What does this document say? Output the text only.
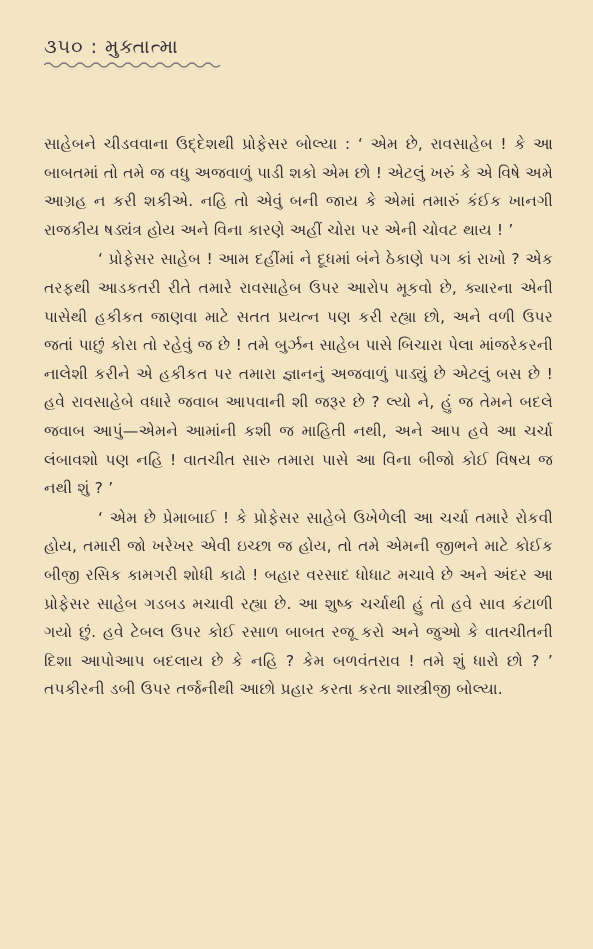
૩૫૦ : મુક્તાત્મા

સાહેબને ચીડવવાના ઉદ્દેશથી પ્રોફેસર બોલ્યા : ‘ એમ છે, રાવસાહેબ ! કે આ બાબતમાં તો તમે જ વધુ અજવાળું પાડી શકો એમ છો ! એટલું ખરું કે એ વિષે અમે આગ્રહ ન કરી શકીએ. નહિ તો એવું બની જાય કે એમાં તમારું કંઈક ખાનગી રાજકીય ષડ્યંત્ર હોય અને વિના કારણે અહીં ચોરા પર એની ચોવટ થાય ! ’

‘ પ્રોફેસર સાહેબ ! આમ દહીંમાં ને દૂધમાં બંને ઠેકાણે પગ કાં રાખો ? એક તરફથી આડકતરી રીતે તમારે રાવસાહેબ ઉપર આરોપ મૂકવો છે, ક્યારના એની પાસેથી હકીકત જાણવા માટે સતત પ્રયત્ન પણ કરી રહ્યા છો, અને વળી ઉપર જતાં પાછું કોરા તો રહેવું જ છે ! તમે બુર્ઝન સાહેબ પાસે બિચારા પેલા માંજરેકરની નાલેશી કરીને એ હકીકત પર તમારા જ્ઞાનનું અજવાળું પાડ્યું છે એટલું બસ છે ! હવે રાવસાહેબે વધારે જવાબ આપવાની શી જરૂર છે ? લ્યો ને, હું જ તેમને બદલે જવાબ આપું—એમને આમાંની કશી જ માહિતી નથી, અને આપ હવે આ ચર્ચા લંબાવશો પણ નહિ ! વાતચીત સારુ તમારા પાસે આ વિના બીજો કોઈ વિષય જ નથી શું ? ’

‘ એમ છે પ્રેમાબાઈ ! કે પ્રોફેસર સાહેબે ઉખેળેલી આ ચર્ચા તમારે રોકવી હોય, તમારી જો ખરેખર એવી ઇચ્છા જ હોય, તો તમે એમની જીભને માટે કોઈક બીજી રસિક કામગરી શોધી કાઢો ! બહાર વરસાદ ધોધાટ મચાવે છે અને અંદર આ પ્રોફેસર સાહેબ ગડબડ મચાવી રહ્યા છે. આ શુષ્ક ચર્ચાથી હું તો હવે સાવ કંટાળી ગયો છું. હવે ટેબલ ઉપર કોઈ રસાળ બાબત રજૂ કરો અને જુઓ કે વાતચીતની દિશા આપોઆપ બદલાય છે કે નહિ ? કેમ બળવંતરાવ ! તમે શું ધારો છો ? ’ તપકીરની ડબી ઉપર તર્જનીથી આછો પ્રહાર કરતા કરતા શાસ્ત્રીજી બોલ્યા.
